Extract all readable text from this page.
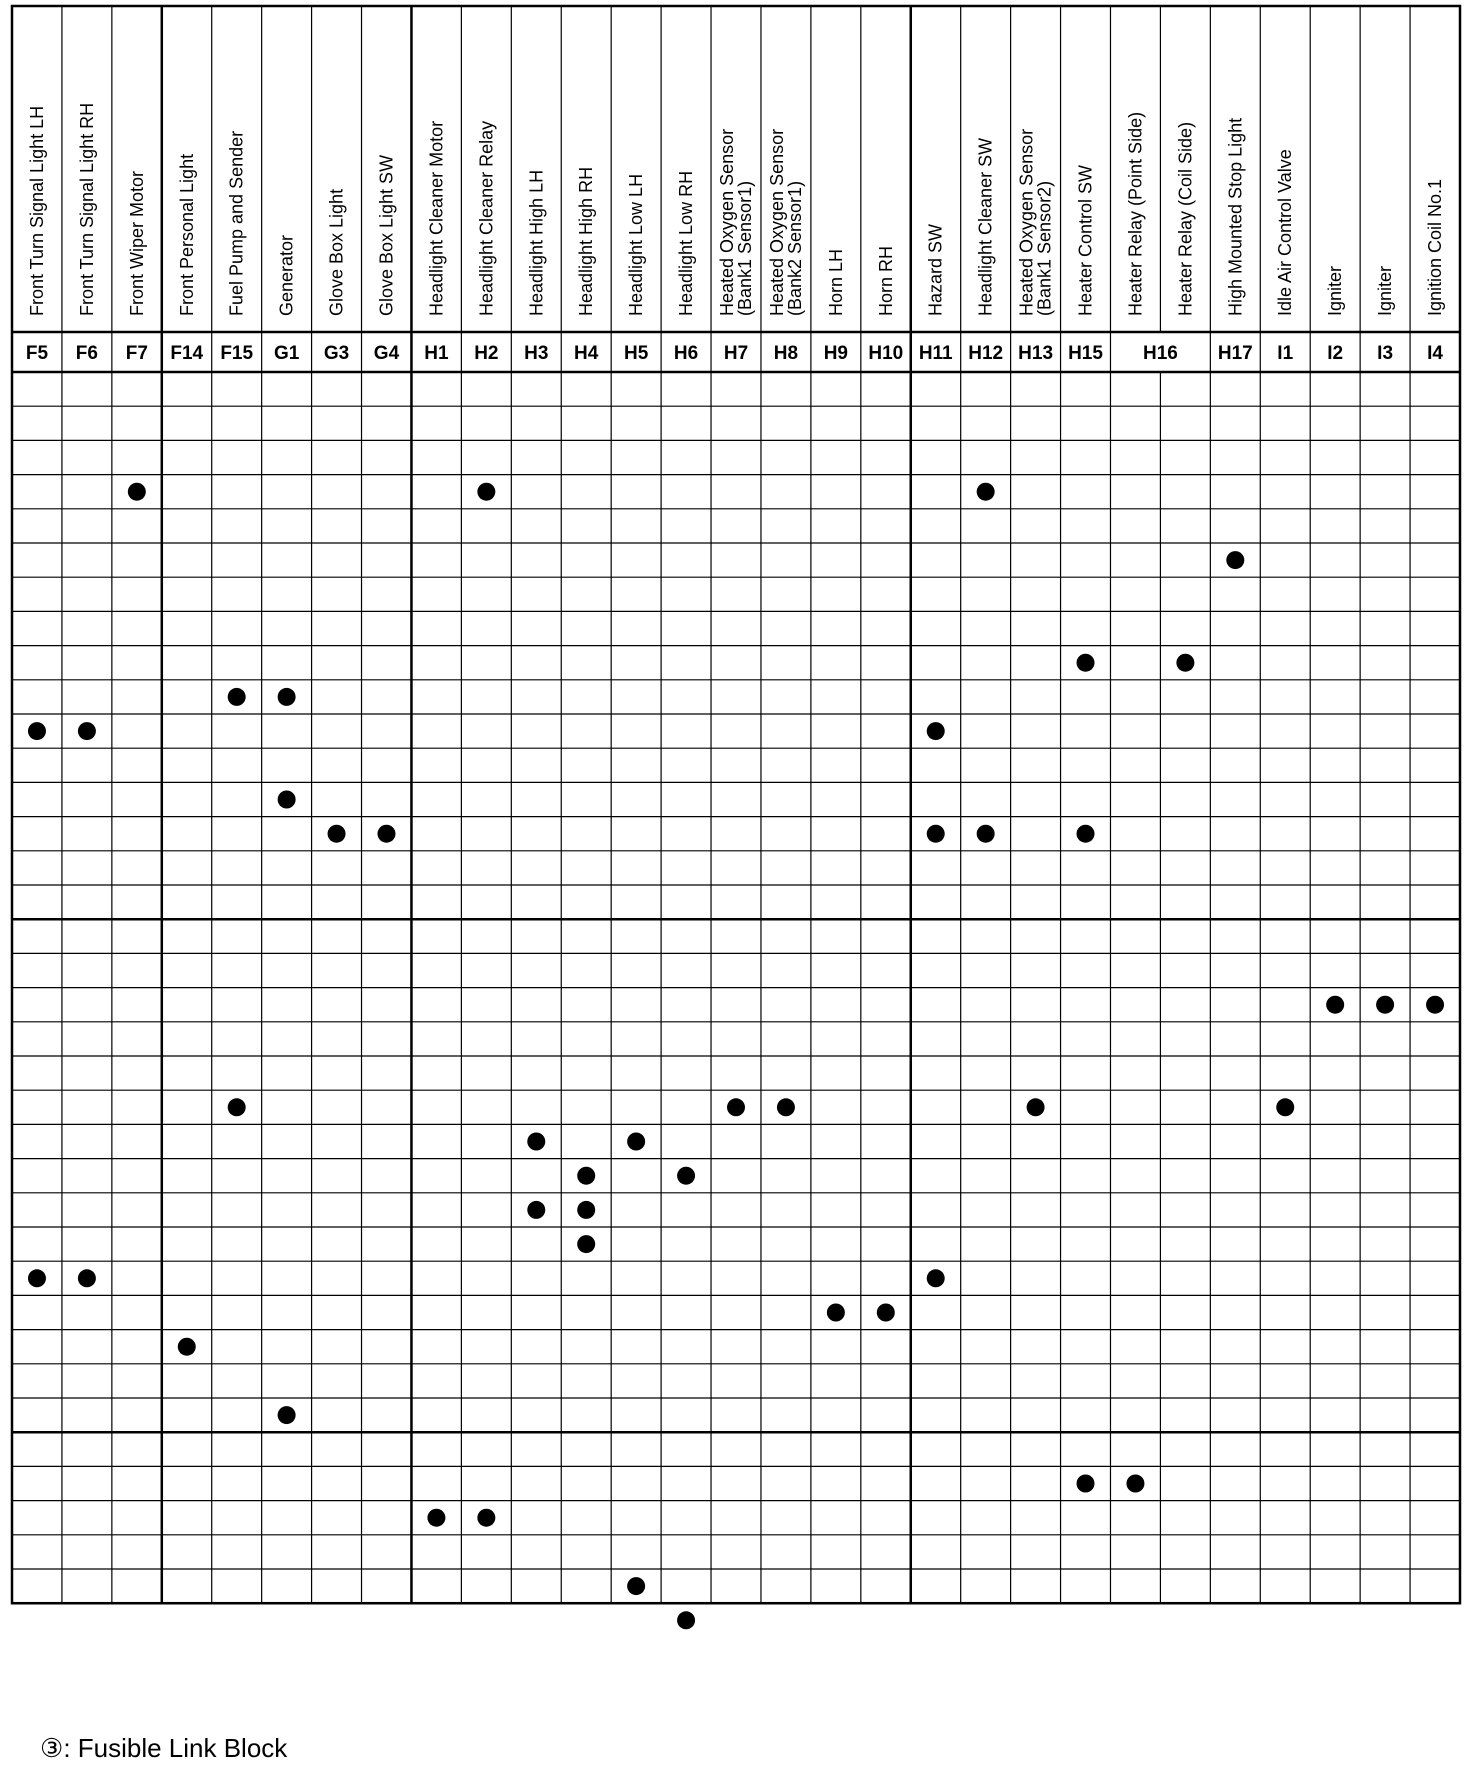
Front Turn Signal Light LH Front Turn Signal Light RH Front Wiper Motor Front Personal Light Fuel Pump and Sender Generator Glove Box Light Glove Box Light SW Headlight Cleaner Motor Headlight Cleaner Relay Headlight High LH Headlight High RH Headlight Low LH Headlight Low RH Heated Oxygen Sensor
(Bank1 Sensor1) Heated Oxygen Sensor
(Bank2 Sensor1) Horn LH Horn RH Hazard SW Headlight Cleaner SW Heated Oxygen Sensor
(Bank1 Sensor2) Heater Control SW Heater Relay (Point Side) Heater Relay (Coil Side) High Mounted Stop Light Idle Air Control Valve Igniter Igniter Ignition Coil No.1
F5 F6 F7 F14 F15 G1 G3 G4 H1 H2 H3 H4 H5 H6 H7 H8 H9 H10 H11 H12 H13 H15 H16 H17 I1 I2 I3 I4
③: Fusible Link Block
